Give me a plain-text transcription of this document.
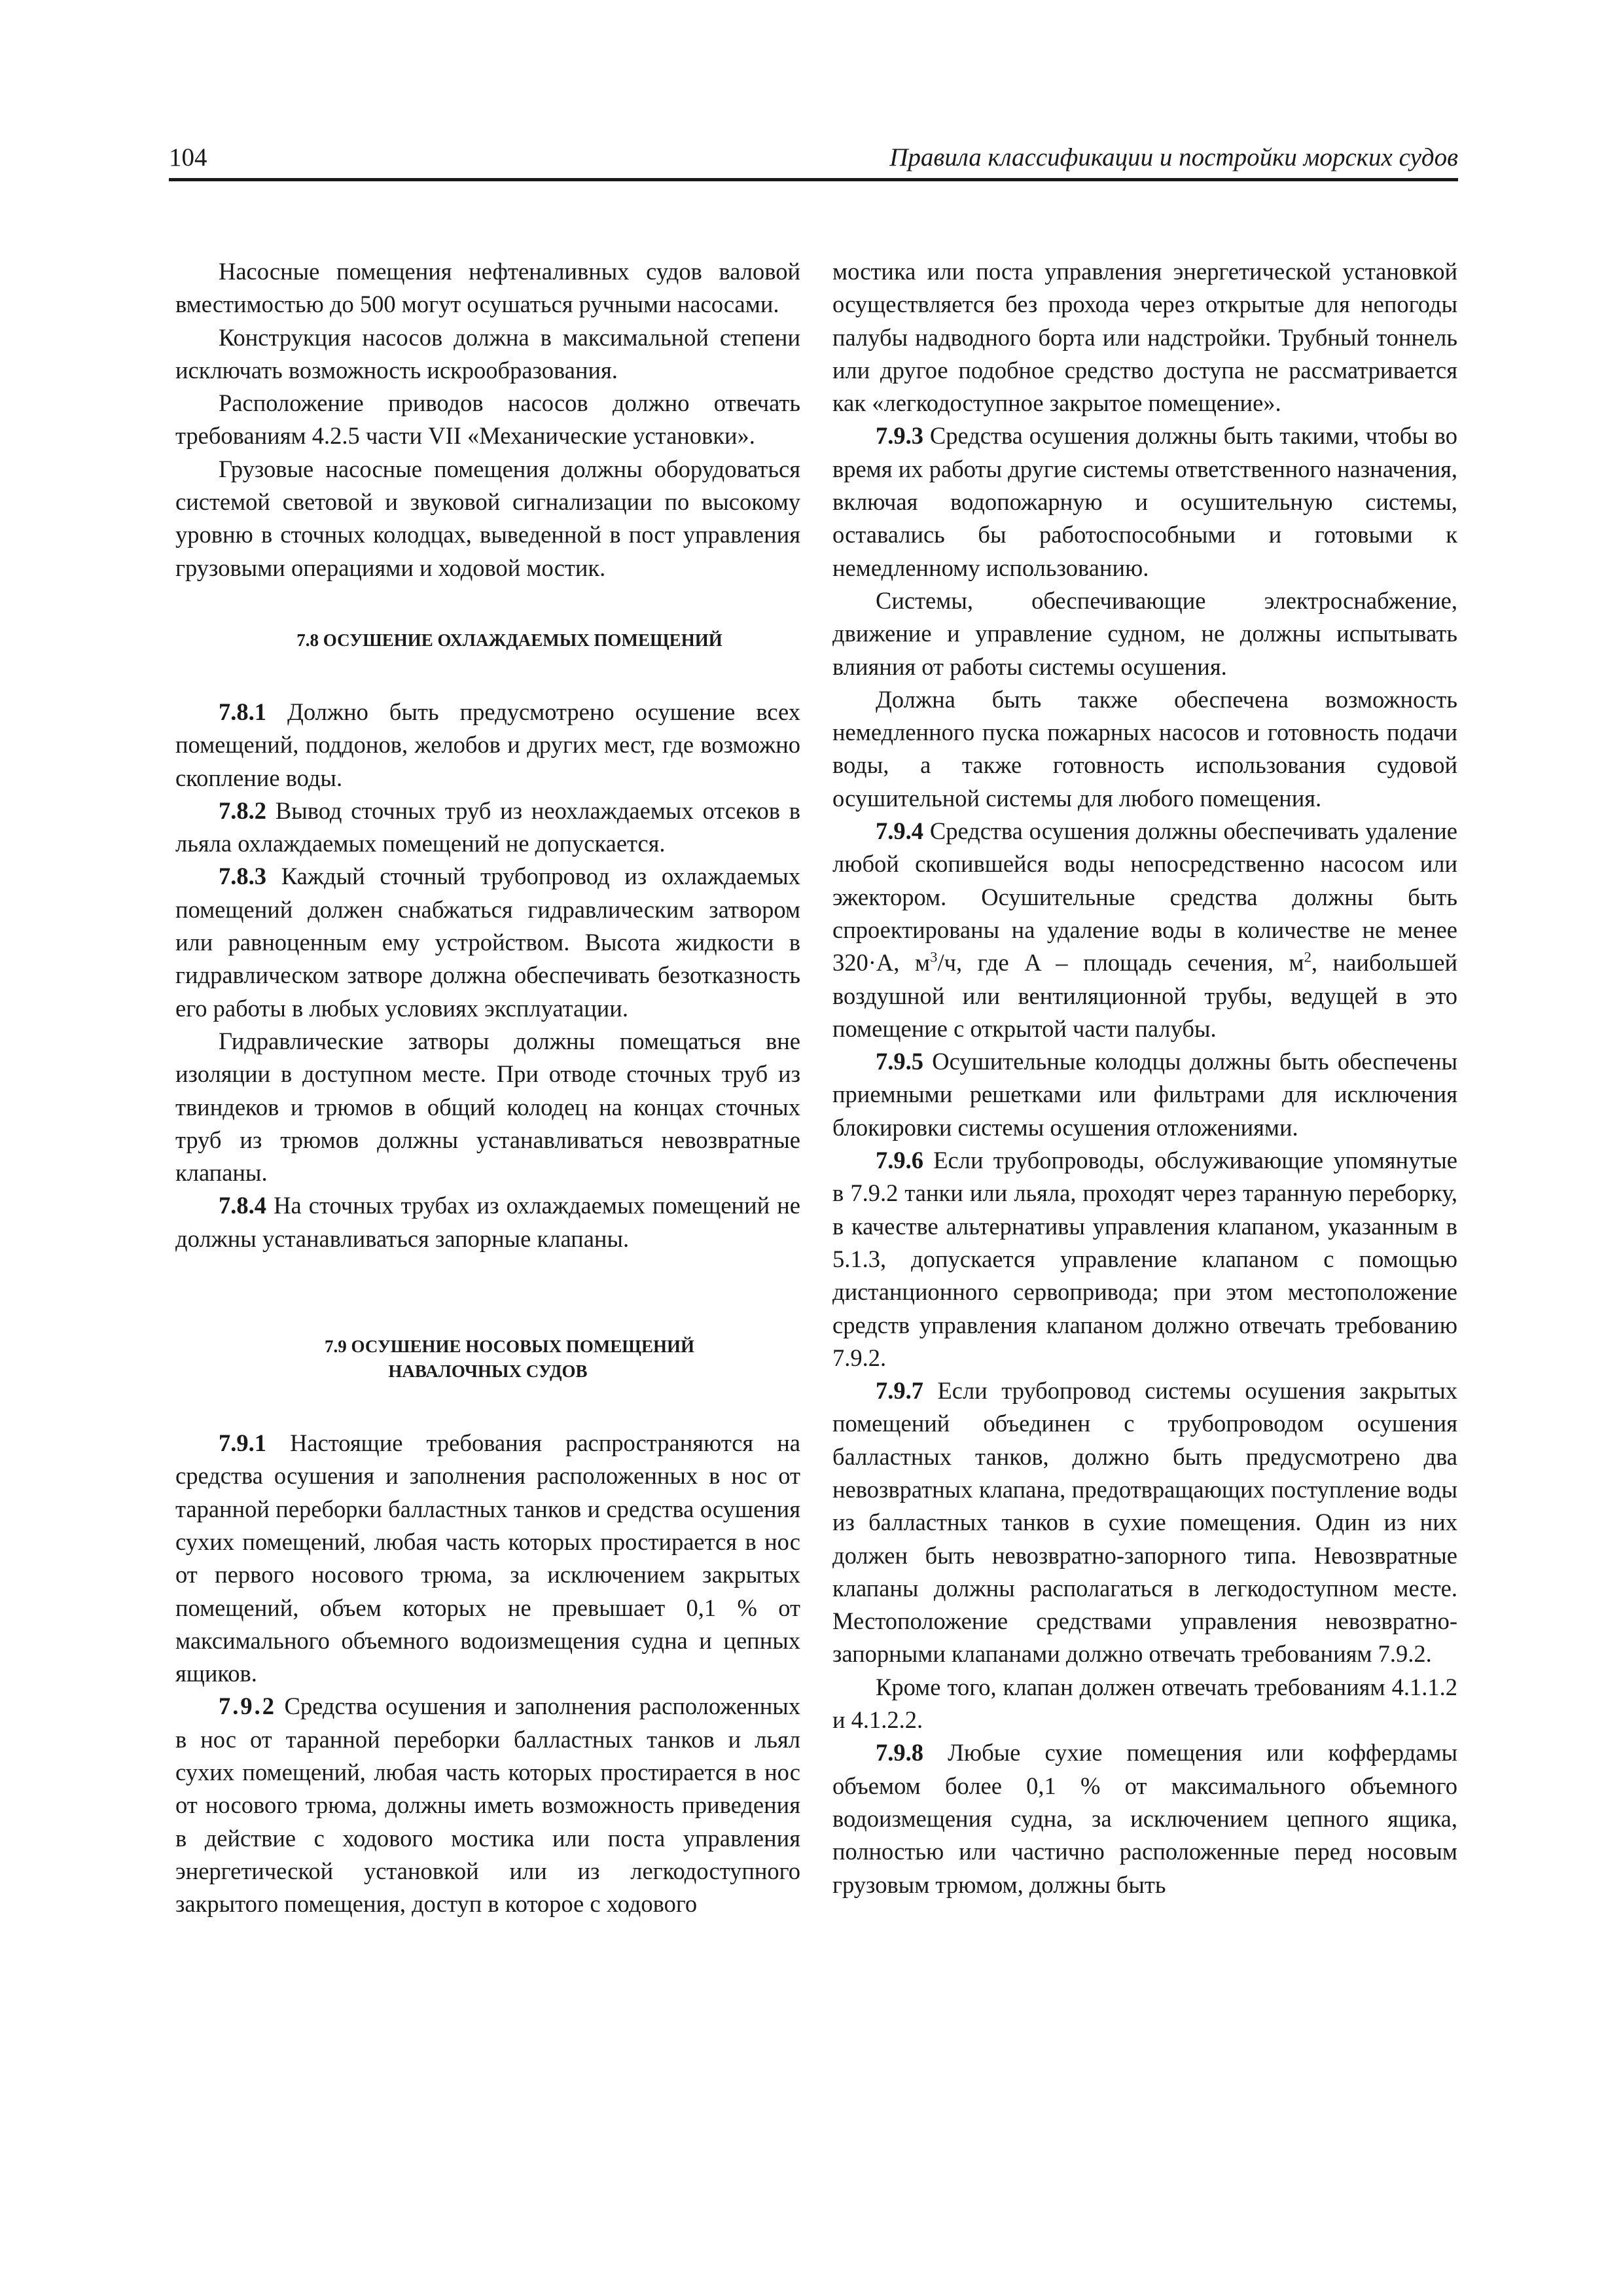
104	Правила классификации и постройки морских судов

Насосные помещения нефтеналивных судов валовой вместимостью до 500 могут осушаться ручными насосами.

Конструкция насосов должна в максимальной степени исключать возможность искрообразования.

Расположение приводов насосов должно отвечать требованиям 4.2.5 части VII «Механические установки».

Грузовые насосные помещения должны оборудоваться системой световой и звуковой сигнализации по высокому уровню в сточных колодцах, выведенной в пост управления грузовыми операциями и ходовой мостик.

7.8 ОСУШЕНИЕ ОХЛАЖДАЕМЫХ ПОМЕЩЕНИЙ

7.8.1 Должно быть предусмотрено осушение всех помещений, поддонов, желобов и других мест, где возможно скопление воды.

7.8.2 Вывод сточных труб из неохлаждаемых отсеков в льяла охлаждаемых помещений не допускается.

7.8.3 Каждый сточный трубопровод из охлаждаемых помещений должен снабжаться гидравлическим затвором или равноценным ему устройством. Высота жидкости в гидравлическом затворе должна обеспечивать безотказность его работы в любых условиях эксплуатации.

Гидравлические затворы должны помещаться вне изоляции в доступном месте. При отводе сточных труб из твиндеков и трюмов в общий колодец на концах сточных труб из трюмов должны устанавливаться невозвратные клапаны.

7.8.4 На сточных трубах из охлаждаемых помещений не должны устанавливаться запорные клапаны.

7.9 ОСУШЕНИЕ НОСОВЫХ ПОМЕЩЕНИЙ
НАВАЛОЧНЫХ СУДОВ

7.9.1 Настоящие требования распространяются на средства осушения и заполнения расположенных в нос от таранной переборки балластных танков и средства осушения сухих помещений, любая часть которых простирается в нос от первого носового трюма, за исключением закрытых помещений, объем которых не превышает 0,1 % от максимального объемного водоизмещения судна и цепных ящиков.

7.9.2 Средства осушения и заполнения расположенных в нос от таранной переборки балластных танков и льял сухих помещений, любая часть которых простирается в нос от носового трюма, должны иметь возможность приведения в действие с ходового мостика или поста управления энергетической установкой или из легкодоступного закрытого помещения, доступ в которое с ходового

мостика или поста управления энергетической установкой осуществляется без прохода через открытые для непогоды палубы надводного борта или надстройки. Трубный тоннель или другое подобное средство доступа не рассматривается как «легкодоступное закрытое помещение».

7.9.3 Средства осушения должны быть такими, чтобы во время их работы другие системы ответственного назначения, включая водопожарную и осушительную системы, оставались бы работоспособными и готовыми к немедленному использованию.

Системы, обеспечивающие электроснабжение, движение и управление судном, не должны испытывать влияния от работы системы осушения.

Должна быть также обеспечена возможность немедленного пуска пожарных насосов и готовность подачи воды, а также готовность использования судовой осушительной системы для любого помещения.

7.9.4 Средства осушения должны обеспечивать удаление любой скопившейся воды непосредственно насосом или эжектором. Осушительные средства должны быть спроектированы на удаление воды в количестве не менее 320·A, $м^3/ч$, где A – площадь сечения, $м^2$, наибольшей воздушной или вентиляционной трубы, ведущей в это помещение с открытой части палубы.

7.9.5 Осушительные колодцы должны быть обеспечены приемными решетками или фильтрами для исключения блокировки системы осушения отложениями.

7.9.6 Если трубопроводы, обслуживающие упомянутые в 7.9.2 танки или льяла, проходят через таранную переборку, в качестве альтернативы управления клапаном, указанным в 5.1.3, допускается управление клапаном с помощью дистанционного сервопривода; при этом местоположение средств управления клапаном должно отвечать требованию 7.9.2.

7.9.7 Если трубопровод системы осушения закрытых помещений объединен с трубопроводом осушения балластных танков, должно быть предусмотрено два невозвратных клапана, предотвращающих поступление воды из балластных танков в сухие помещения. Один из них должен быть невозвратно-запорного типа. Невозвратные клапаны должны располагаться в легкодоступном месте. Местоположение средствами управления невозвратно-запорными клапанами должно отвечать требованиям 7.9.2.

Кроме того, клапан должен отвечать требованиям 4.1.1.2 и 4.1.2.2.

7.9.8 Любые сухие помещения или коффердамы объемом более 0,1 % от максимального объемного водоизмещения судна, за исключением цепного ящика, полностью или частично расположенные перед носовым грузовым трюмом, должны быть
